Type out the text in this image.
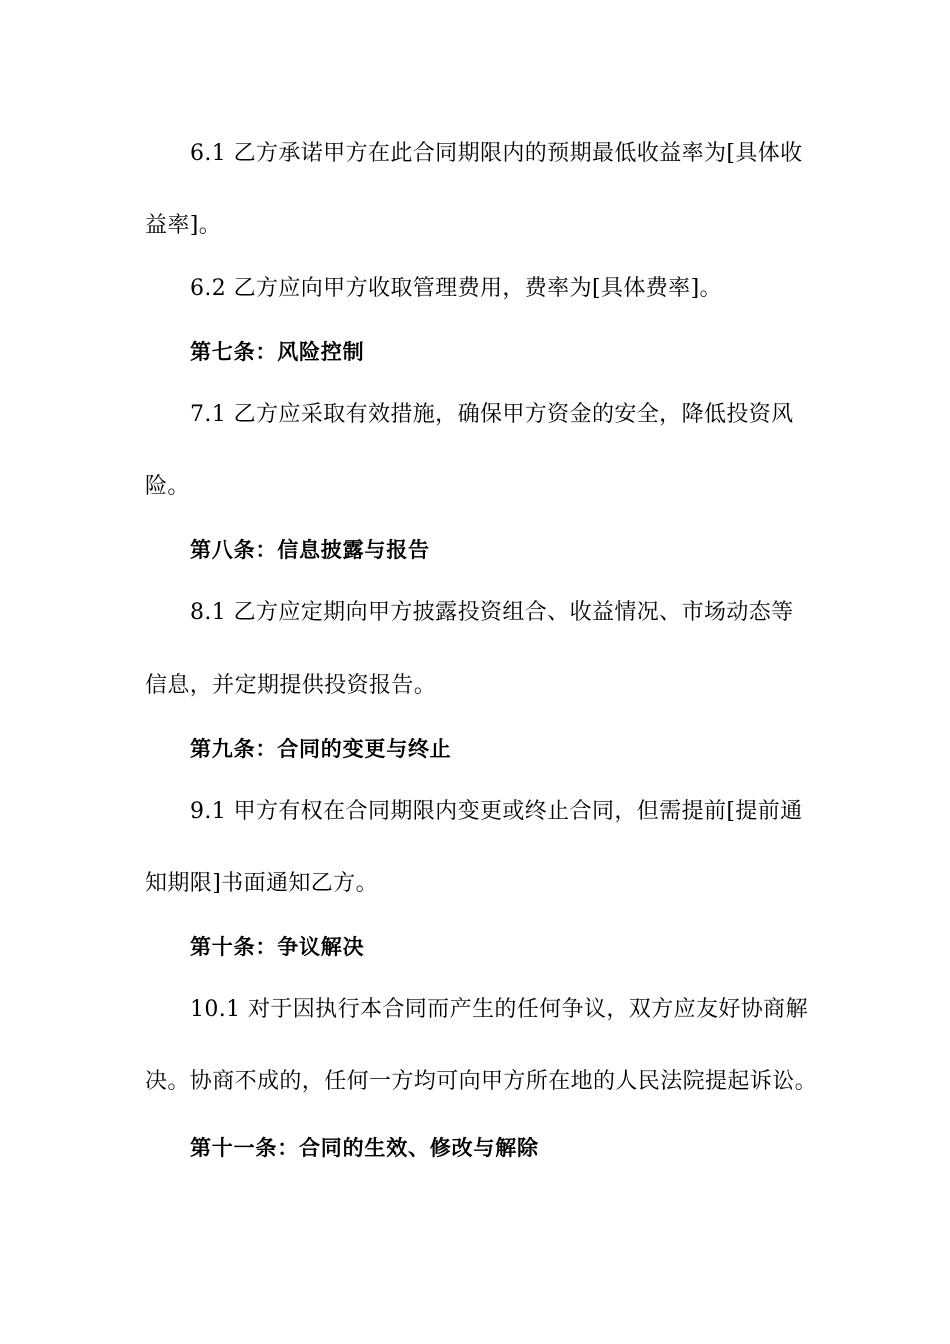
6.1 乙方承诺甲方在此合同期限内的预期最低收益率为[具体收
益率]。
6.2 乙方应向甲方收取管理费用，费率为[具体费率]。
第七条：风险控制
7.1 乙方应采取有效措施，确保甲方资金的安全，降低投资风
险。
第八条：信息披露与报告
8.1 乙方应定期向甲方披露投资组合、收益情况、市场动态等
信息，并定期提供投资报告。
第九条：合同的变更与终止
9.1 甲方有权在合同期限内变更或终止合同，但需提前[提前通
知期限]书面通知乙方。
第十条：争议解决
10.1 对于因执行本合同而产生的任何争议，双方应友好协商解
决。协商不成的，任何一方均可向甲方所在地的人民法院提起诉讼。
第十一条：合同的生效、修改与解除
